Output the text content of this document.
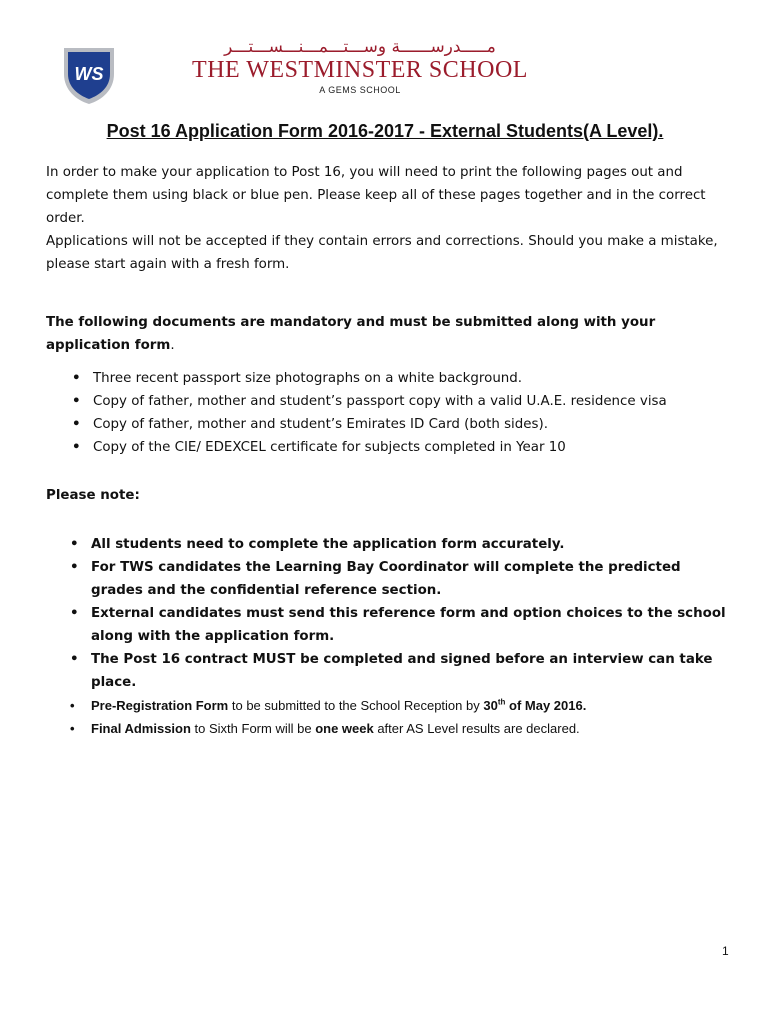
WS
مـــــدرســــــة وســـتـــمـــنـــســـتـــر
THE WESTMINSTER SCHOOL
A GEMS SCHOOL
Post 16 Application Form 2016-2017 - External Students(A Level).

In order to make your application to Post 16, you will need to print the following pages out and complete them using black or blue pen. Please keep all of these pages together and in the correct order.

Applications will not be accepted if they contain errors and corrections. Should you make a mistake, please start again with a fresh form.

The following documents are mandatory and must be submitted along with your application form.
• Three recent passport size photographs on a white background.
• Copy of father, mother and student’s passport copy with a valid U.A.E. residence visa
• Copy of father, mother and student’s Emirates ID Card (both sides).
• Copy of the CIE/ EDEXCEL certificate for subjects completed in Year 10
Please note:
• All students need to complete the application form accurately.
• For TWS candidates the Learning Bay Coordinator will complete the predicted grades and the confidential reference section.
• External candidates must send this reference form and option choices to the school along with the application form.
• The Post 16 contract MUST be completed and signed before an interview can take place.
• Pre-Registration Form to be submitted to the School Reception by 30th of May 2016.
• Final Admission to Sixth Form will be one week after AS Level results are declared.
1
